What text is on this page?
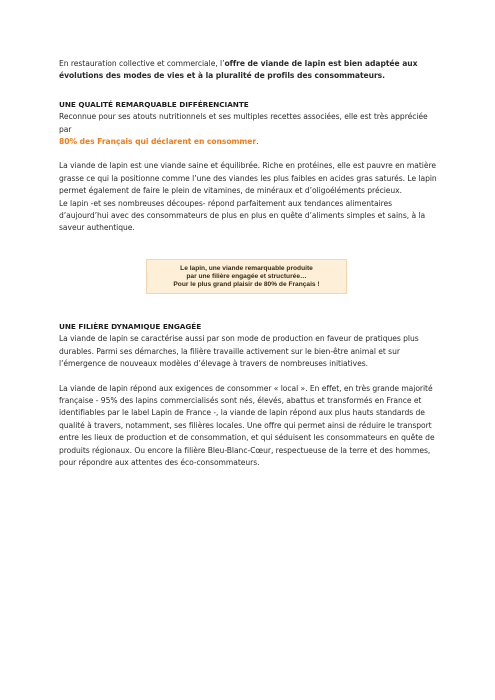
En restauration collective et commerciale, l’offre de viande de lapin est bien adaptée aux évolutions des modes de vies et à la pluralité de profils des consommateurs.

UNE QUALITÉ REMARQUABLE DIFFÉRENCIANTE

Reconnue pour ses atouts nutritionnels et ses multiples recettes associées, elle est très appréciée par
80% des Français qui déclarent en consommer.

La viande de lapin est une viande saine et équilibrée. Riche en protéines, elle est pauvre en matière grasse ce qui la positionne comme l’une des viandes les plus faibles en acides gras saturés. Le lapin permet également de faire le plein de vitamines, de minéraux et d’oligoéléments précieux.

Le lapin -et ses nombreuses découpes- répond parfaitement aux tendances alimentaires d’aujourd’hui avec des consommateurs de plus en plus en quête d’aliments simples et sains, à la saveur authentique.

Le lapin, une viande remarquable produite
par une filière engagée et structurée…
Pour le plus grand plaisir de 80% de Français !

UNE FILIÈRE DYNAMIQUE ENGAGÉE

La viande de lapin se caractérise aussi par son mode de production en faveur de pratiques plus durables. Parmi ses démarches, la filière travaille activement sur le bien-être animal et sur l’émergence de nouveaux modèles d’élevage à travers de nombreuses initiatives.

La viande de lapin répond aux exigences de consommer « local ». En effet, en très grande majorité française - 95% des lapins commercialisés sont nés, élevés, abattus et transformés en France et identifiables par le label Lapin de France -, la viande de lapin répond aux plus hauts standards de qualité à travers, notamment, ses filières locales. Une offre qui permet ainsi de réduire le transport entre les lieux de production et de consommation, et qui séduisent les consommateurs en quête de produits régionaux. Ou encore la filière Bleu-Blanc-Cœur, respectueuse de la terre et des hommes, pour répondre aux attentes des éco-consommateurs.
